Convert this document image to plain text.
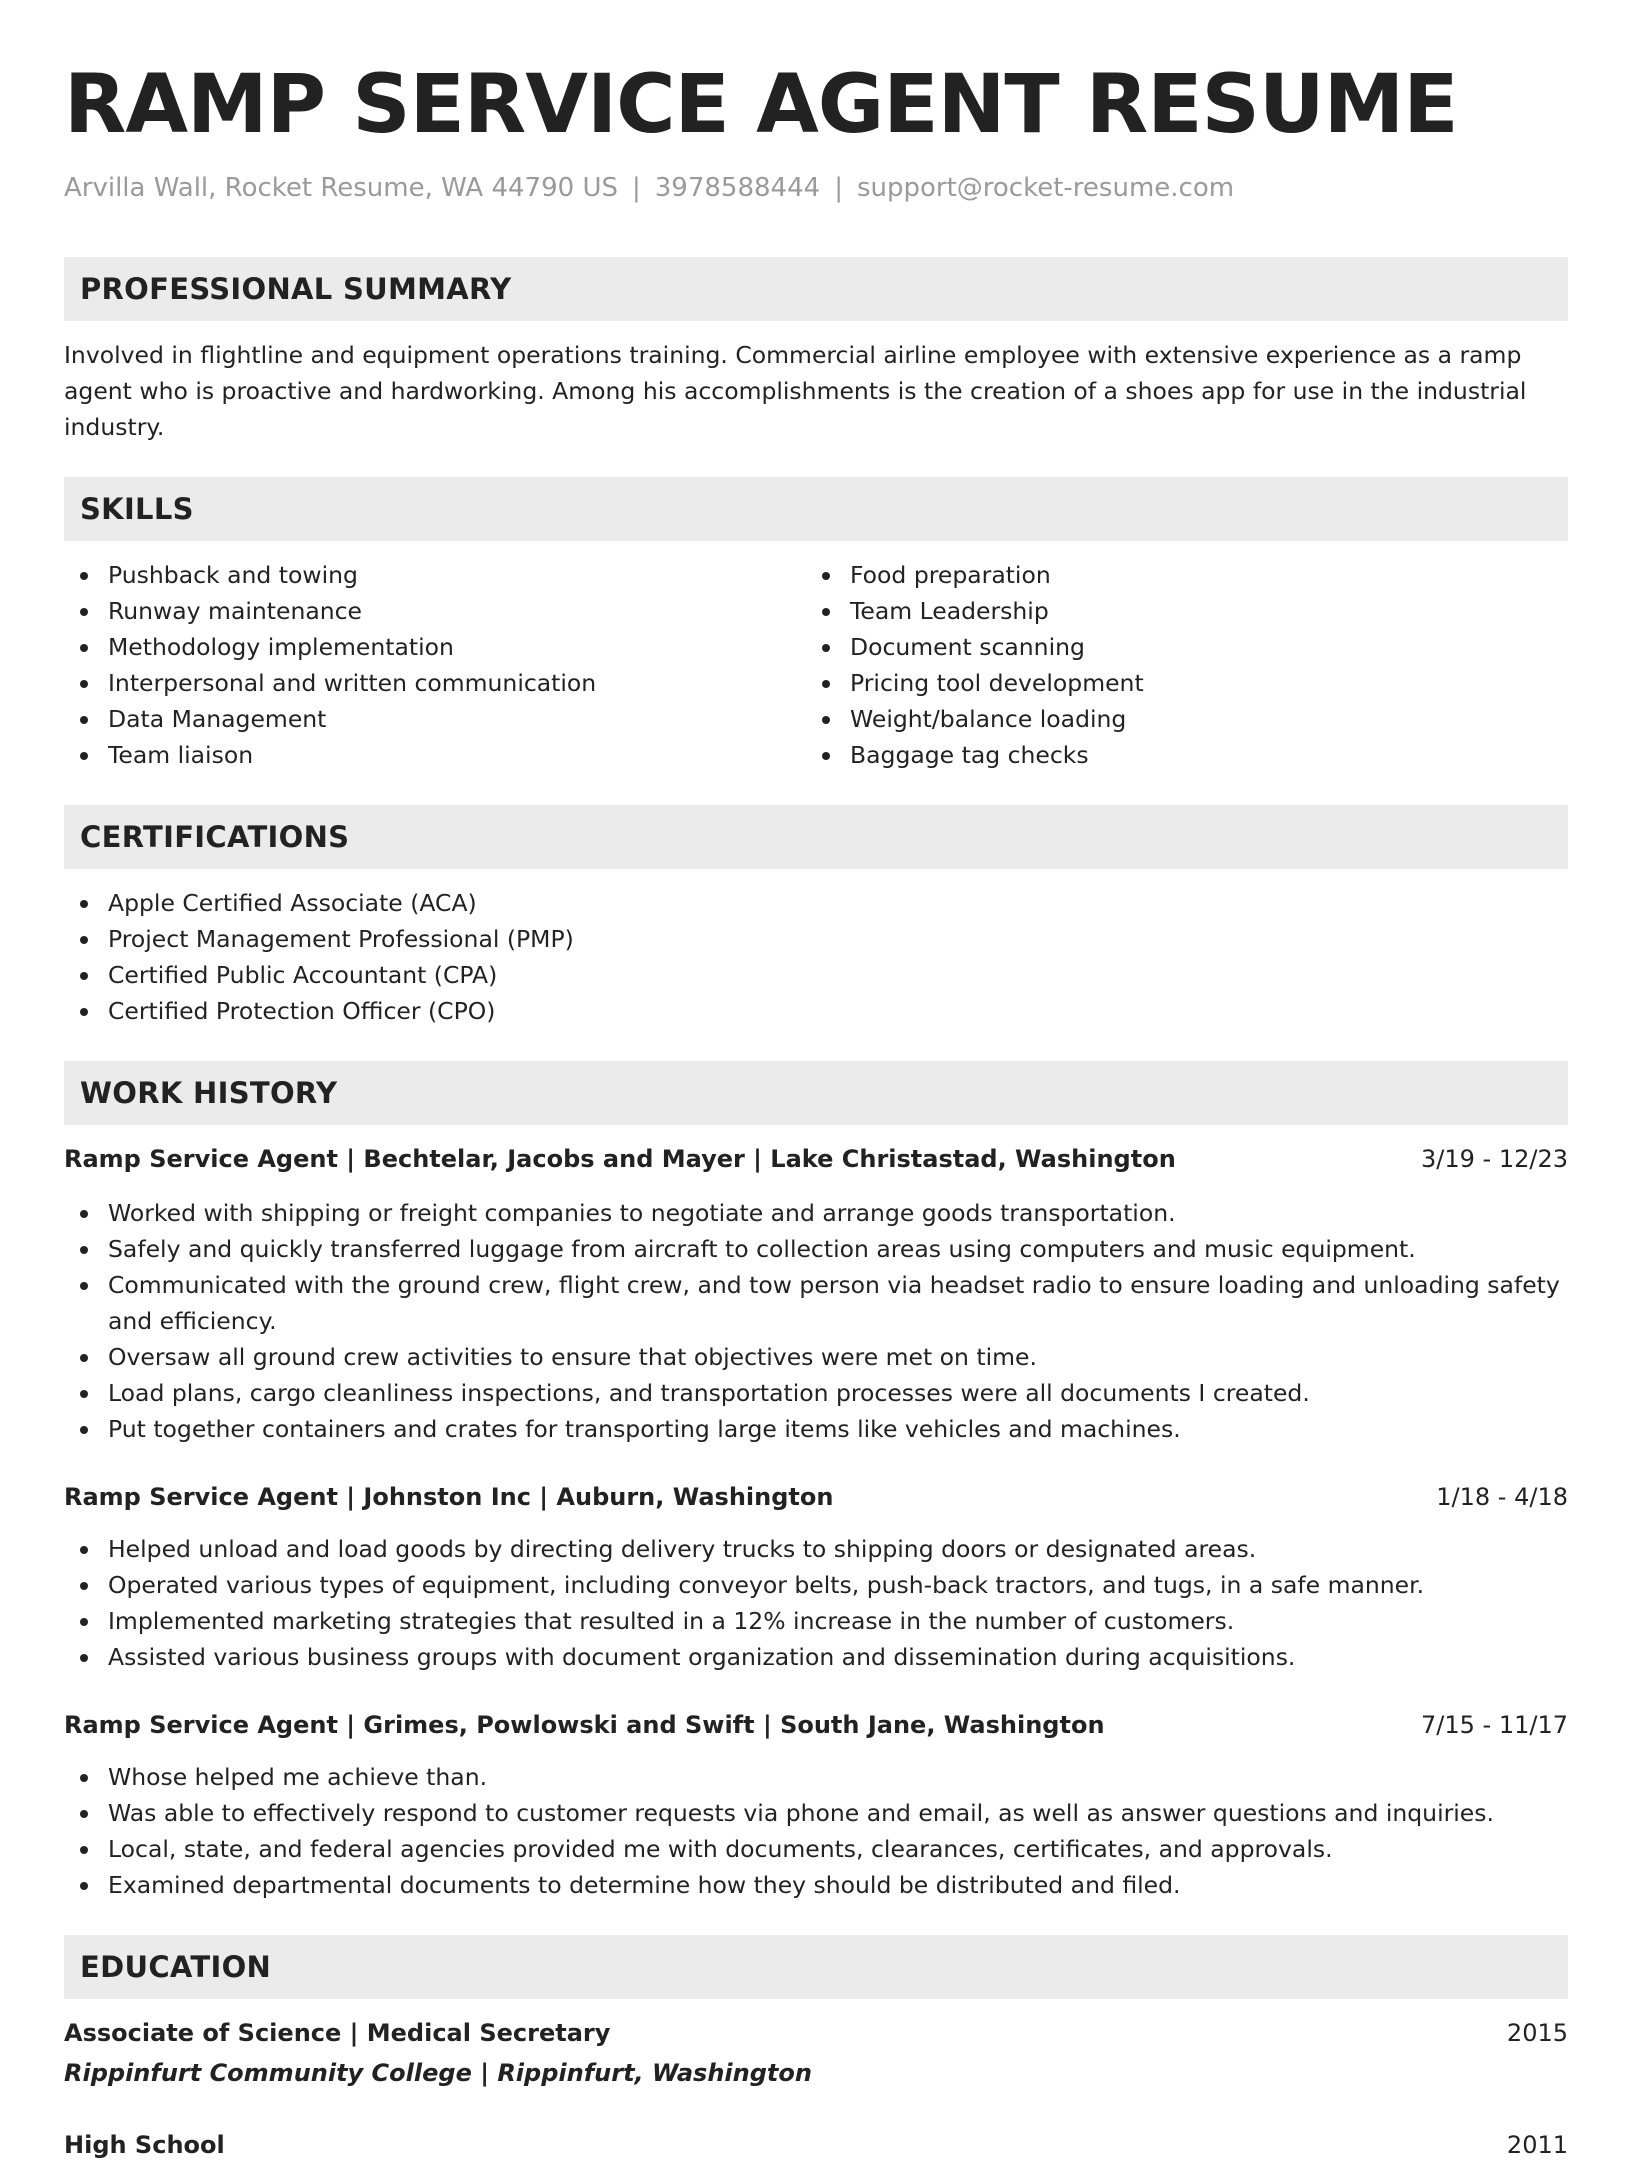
RAMP SERVICE AGENT RESUME
Arvilla Wall, Rocket Resume, WA 44790 US | 3978588444 | support@rocket-resume.com
PROFESSIONAL SUMMARY

Involved in flightline and equipment operations training. Commercial airline employee with extensive experience as a ramp agent who is proactive and hardworking. Among his accomplishments is the creation of a shoes app for use in the industrial industry.

SKILLS
Pushback and towing
Runway maintenance
Methodology implementation
Interpersonal and written communication
Data Management
Team liaison
Food preparation
Team Leadership
Document scanning
Pricing tool development
Weight/balance loading
Baggage tag checks
CERTIFICATIONS
Apple Certified Associate (ACA)
Project Management Professional (PMP)
Certified Public Accountant (CPA)
Certified Protection Officer (CPO)
WORK HISTORY
Ramp Service Agent | Bechtelar, Jacobs and Mayer | Lake Christastad, Washington	3/19 - 12/23
Worked with shipping or freight companies to negotiate and arrange goods transportation.
Safely and quickly transferred luggage from aircraft to collection areas using computers and music equipment.
Communicated with the ground crew, flight crew, and tow person via headset radio to ensure loading and unloading safety and efficiency.
Oversaw all ground crew activities to ensure that objectives were met on time.
Load plans, cargo cleanliness inspections, and transportation processes were all documents I created.
Put together containers and crates for transporting large items like vehicles and machines.
Ramp Service Agent | Johnston Inc | Auburn, Washington	1/18 - 4/18
Helped unload and load goods by directing delivery trucks to shipping doors or designated areas.
Operated various types of equipment, including conveyor belts, push-back tractors, and tugs, in a safe manner.
Implemented marketing strategies that resulted in a 12% increase in the number of customers.
Assisted various business groups with document organization and dissemination during acquisitions.
Ramp Service Agent | Grimes, Powlowski and Swift | South Jane, Washington	7/15 - 11/17
Whose helped me achieve than.
Was able to effectively respond to customer requests via phone and email, as well as answer questions and inquiries.
Local, state, and federal agencies provided me with documents, clearances, certificates, and approvals.
Examined departmental documents to determine how they should be distributed and filed.
EDUCATION
Associate of Science | Medical Secretary	2015
Rippinfurt Community College | Rippinfurt, Washington
High School	2011
